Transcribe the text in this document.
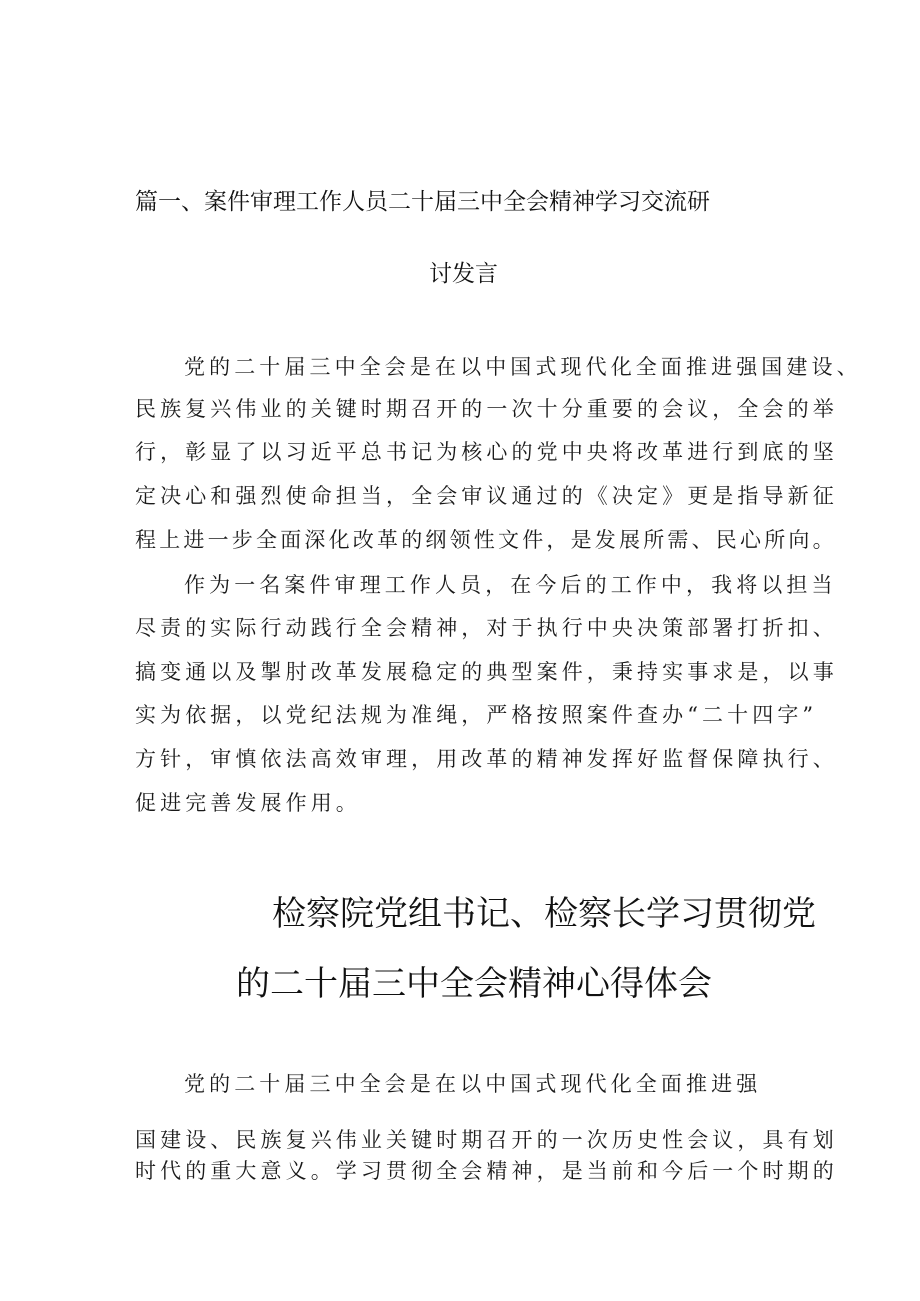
篇一、案件审理工作人员二十届三中全会精神学习交流研
讨发言
党的二十届三中全会是在以中国式现代化全面推进强国建设、
民族复兴伟业的关键时期召开的一次十分重要的会议，全会的举
行，彰显了以习近平总书记为核心的党中央将改革进行到底的坚
定决心和强烈使命担当，全会审议通过的《决定》更是指导新征
程上进一步全面深化改革的纲领性文件，是发展所需、民心所向。
作为一名案件审理工作人员，在今后的工作中，我将以担当
尽责的实际行动践行全会精神，对于执行中央决策部署打折扣、
搞变通以及掣肘改革发展稳定的典型案件，秉持实事求是，以事
实为依据，以党纪法规为准绳，严格按照案件查办“二十四字”
方针，审慎依法高效审理，用改革的精神发挥好监督保障执行、
促进完善发展作用。
检察院党组书记、检察长学习贯彻党
的二十届三中全会精神心得体会
党的二十届三中全会是在以中国式现代化全面推进强
国建设、民族复兴伟业关键时期召开的一次历史性会议，具有划
时代的重大意义。学习贯彻全会精神，是当前和今后一个时期的
